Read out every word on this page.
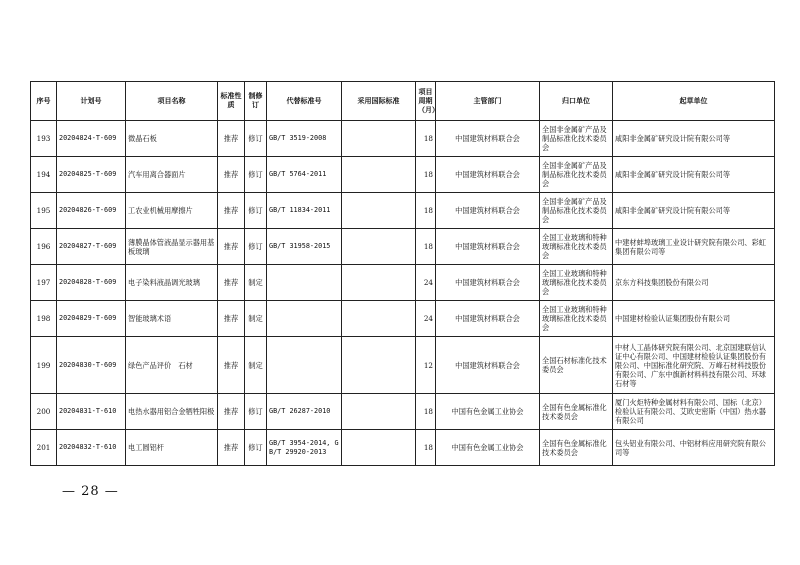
序号	计划号	项目名称	标准性质	制修订	代替标准号	采用国际标准	项目周期（月）	主管部门	归口单位	起草单位
193	20204824-T-609	微晶石板	推荐	修订	GB/T 3519-2008		18	中国建筑材料联合会	全国非金属矿产品及制品标准化技术委员会	咸阳非金属矿研究设计院有限公司等
194	20204825-T-609	汽车用离合器面片	推荐	修订	GB/T 5764-2011		18	中国建筑材料联合会	全国非金属矿产品及制品标准化技术委员会	咸阳非金属矿研究设计院有限公司等
195	20204826-T-609	工农业机械用摩擦片	推荐	修订	GB/T 11834-2011		18	中国建筑材料联合会	全国非金属矿产品及制品标准化技术委员会	咸阳非金属矿研究设计院有限公司等
196	20204827-T-609	薄膜晶体管液晶显示器用基板玻璃	推荐	修订	GB/T 31958-2015		18	中国建筑材料联合会	全国工业玻璃和特种玻璃标准化技术委员会	中建材蚌埠玻璃工业设计研究院有限公司、彩虹集团有限公司等
197	20204828-T-609	电子染料液晶调光玻璃	推荐	制定			24	中国建筑材料联合会	全国工业玻璃和特种玻璃标准化技术委员会	京东方科技集团股份有限公司
198	20204829-T-609	智能玻璃术语	推荐	制定			24	中国建筑材料联合会	全国工业玻璃和特种玻璃标准化技术委员会	中国建材检验认证集团股份有限公司
199	20204830-T-609	绿色产品评价　石材	推荐	制定			12	中国建筑材料联合会	全国石材标准化技术委员会	中材人工晶体研究院有限公司、北京国建联信认证中心有限公司、中国建材检验认证集团股份有限公司、中国标准化研究院、万峰石材科技股份有限公司、广东中旗新材料科技有限公司、环球石材等
200	20204831-T-610	电热水器用铝合金牺牲阳极	推荐	修订	GB/T 26287-2010		18	中国有色金属工业协会	全国有色金属标准化技术委员会	厦门火炬特种金属材料有限公司、国标（北京）检验认证有限公司、艾欧史密斯（中国）热水器有限公司
201	20204832-T-610	电工圆铝杆	推荐	修订	GB/T 3954-2014, GB/T 29920-2013		18	中国有色金属工业协会	全国有色金属标准化技术委员会	包头铝业有限公司、中铝材料应用研究院有限公司等
— 28 —
